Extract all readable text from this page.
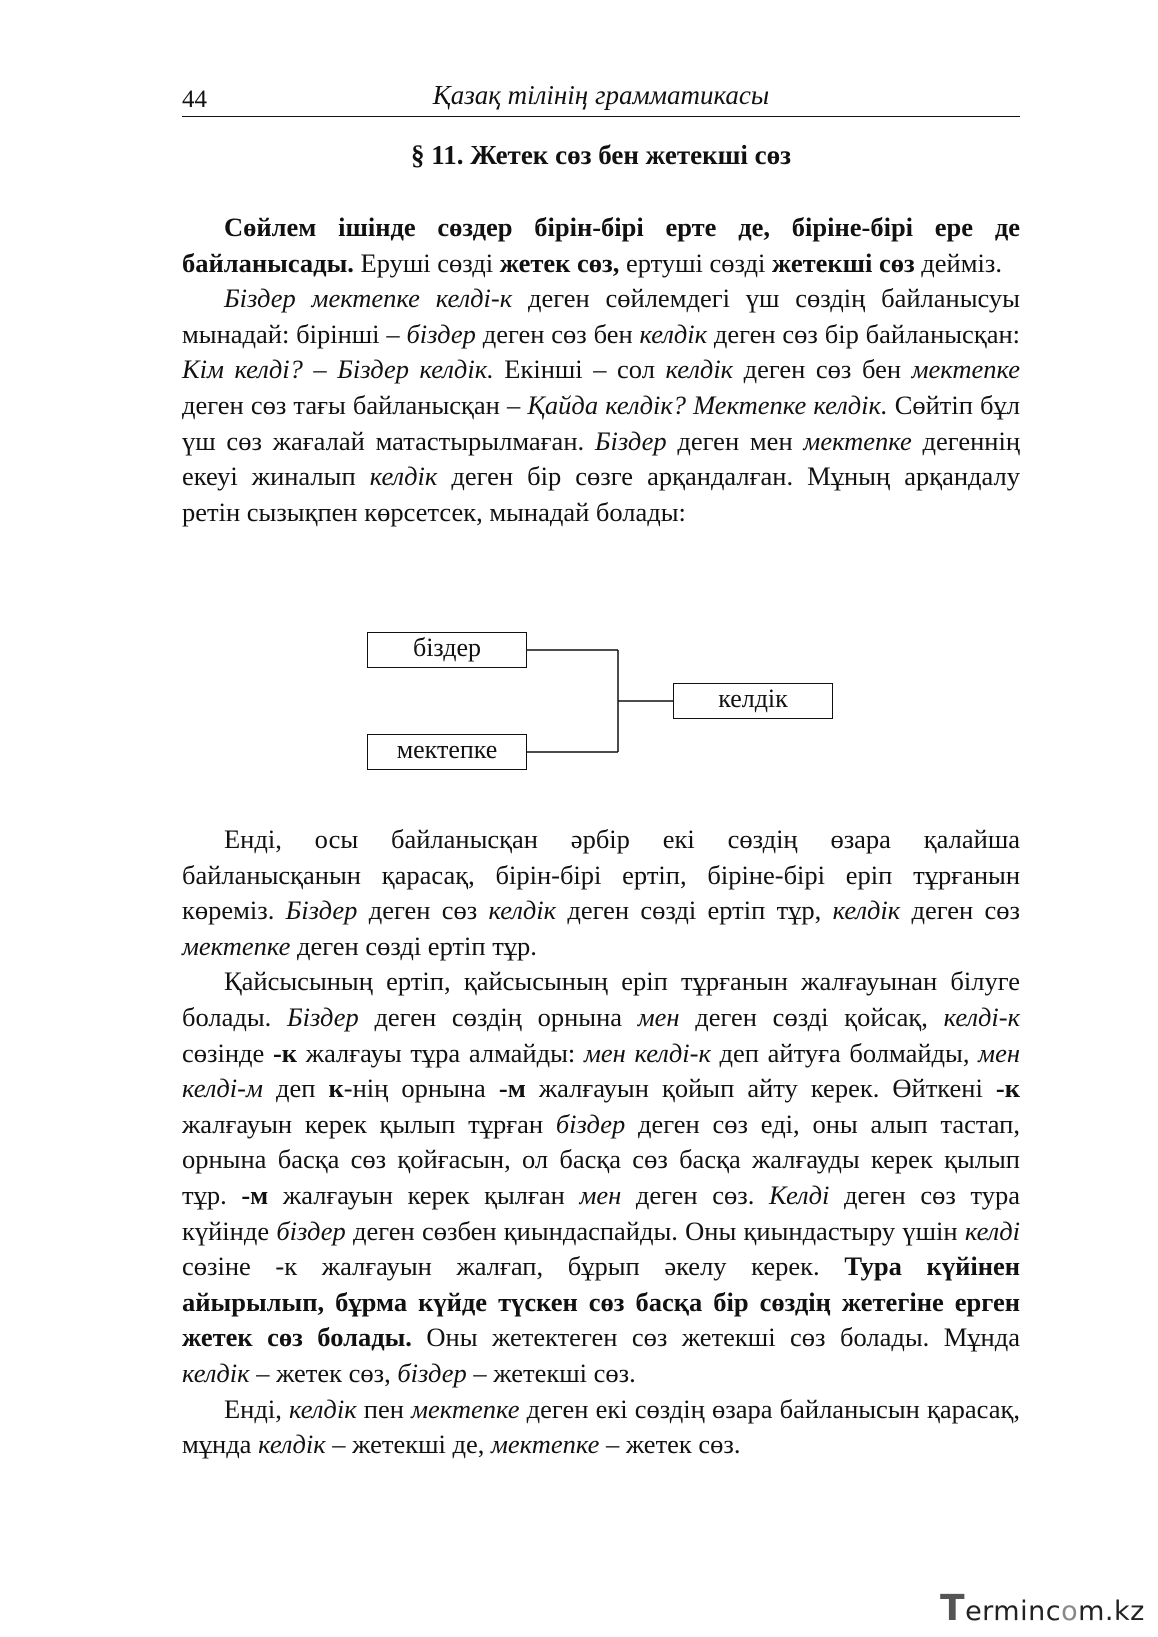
44	Қазақ тілінің грамматикасы
§ 11. Жетек сөз бен жетекші сөз

Сөйлем ішінде сөздер бірін-бірі ерте де, біріне-бірі ере де байланысады. Еруші сөзді жетек сөз, ертуші сөзді жетекші сөз дейміз.

Біздер мектепке келді-к деген сөйлемдегі үш сөздің байланысуы мынадай: бірінші – біздер деген сөз бен келдік деген сөз бір байланысқан: Кім келді? – Біздер келдік. Екінші – сол келдік деген сөз бен мектепке деген сөз тағы байланысқан – Қайда келдік? Мектепке келдік. Сөйтіп бұл үш сөз жағалай матастырылмаған. Біздер деген мен мектепке дегеннің екеуі жиналып келдік деген бір сөзге арқандалған. Мұның арқандалу ретін сызықпен көрсетсек, мынадай болады:

біздер
мектепке
келдік

Енді, осы байланысқан әрбір екі сөздің өзара қалайша байланысқанын қарасақ, бірін-бірі ертіп, біріне-бірі еріп тұрғанын көреміз. Біздер деген сөз келдік деген сөзді ертіп тұр, келдік деген сөз мектепке деген сөзді ертіп тұр.

Қайсысының ертіп, қайсысының еріп тұрғанын жалғауынан білуге болады. Біздер деген сөздің орнына мен деген сөзді қойсақ, келді-к сөзінде -к жалғауы тұра алмайды: мен келді-к деп айтуға болмайды, мен келді-м деп к-нің орнына -м жалғауын қойып айту керек. Өйткені -к жалғауын керек қылып тұрған біздер деген сөз еді, оны алып тастап, орнына басқа сөз қойғасын, ол басқа сөз басқа жалғауды керек қылып тұр. -м жалғауын керек қылған мен деген сөз. Келді деген сөз тура күйінде біздер деген сөзбен қиындаспайды. Оны қиындастыру үшін келді сөзіне -к жалғауын жалғап, бұрып әкелу керек. Тура күйінен айырылып, бұрма күйде түскен сөз басқа бір сөздің жетегіне ерген жетек сөз болады. Оны жетектеген сөз жетекші сөз болады. Мұнда келдік – жетек сөз, біздер – жетекші сөз.

Енді, келдік пен мектепке деген екі сөздің өзара байланысын қарасақ, мұнда келдік – жетекші де, мектепке – жетек сөз.

Termincom.kz
